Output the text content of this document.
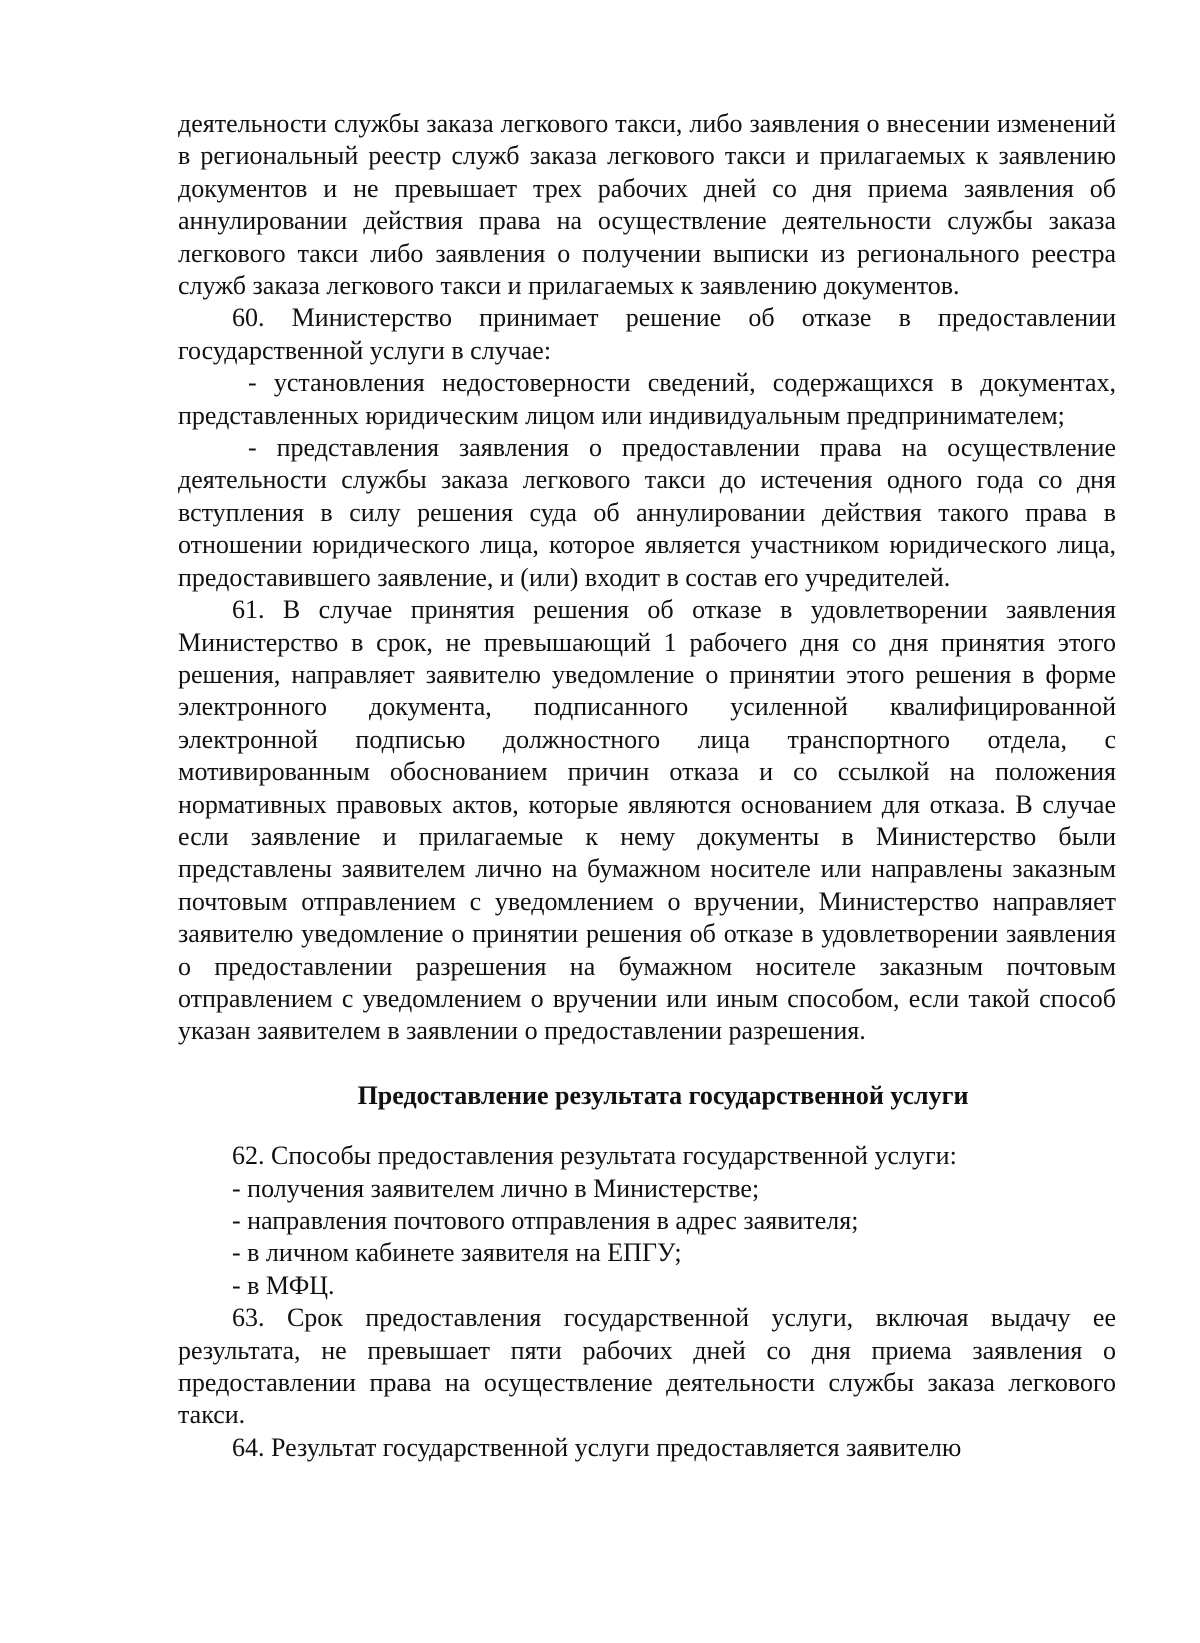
деятельности службы заказа легкового такси, либо заявления о внесении изменений в региональный реестр служб заказа легкового такси и прилагаемых к заявлению документов и не превышает трех рабочих дней со дня приема заявления об аннулировании действия права на осуществление деятельности службы заказа легкового такси либо заявления о получении выписки из регионального реестра служб заказа легкового такси и прилагаемых к заявлению документов.

60. Министерство принимает решение об отказе в предоставлении государственной услуги в случае:

- установления недостоверности сведений, содержащихся в документах, представленных юридическим лицом или индивидуальным предпринимателем;

- представления заявления о предоставлении права на осуществление деятельности службы заказа легкового такси до истечения одного года со дня вступления в силу решения суда об аннулировании действия такого права в отношении юридического лица, которое является участником юридического лица, предоставившего заявление, и (или) входит в состав его учредителей.

61. В случае принятия решения об отказе в удовлетворении заявления Министерство в срок, не превышающий 1 рабочего дня со дня принятия этого решения, направляет заявителю уведомление о принятии этого решения в форме электронного документа, подписанного усиленной квалифицированной электронной подписью должностного лица транспортного отдела, с мотивированным обоснованием причин отказа и со ссылкой на положения нормативных правовых актов, которые являются основанием для отказа. В случае если заявление и прилагаемые к нему документы в Министерство были представлены заявителем лично на бумажном носителе или направлены заказным почтовым отправлением с уведомлением о вручении, Министерство направляет заявителю уведомление о принятии решения об отказе в удовлетворении заявления о предоставлении разрешения на бумажном носителе заказным почтовым отправлением с уведомлением о вручении или иным способом, если такой способ указан заявителем в заявлении о предоставлении разрешения.

Предоставление результата государственной услуги

62. Способы предоставления результата государственной услуги:

- получения заявителем лично в Министерстве;

- направления почтового отправления в адрес заявителя;

- в личном кабинете заявителя на ЕПГУ;

- в МФЦ.

63. Срок предоставления государственной услуги, включая выдачу ее результата, не превышает пяти рабочих дней со дня приема заявления о предоставлении права на осуществление деятельности службы заказа легкового такси.

64. Результат государственной услуги предоставляется заявителю
